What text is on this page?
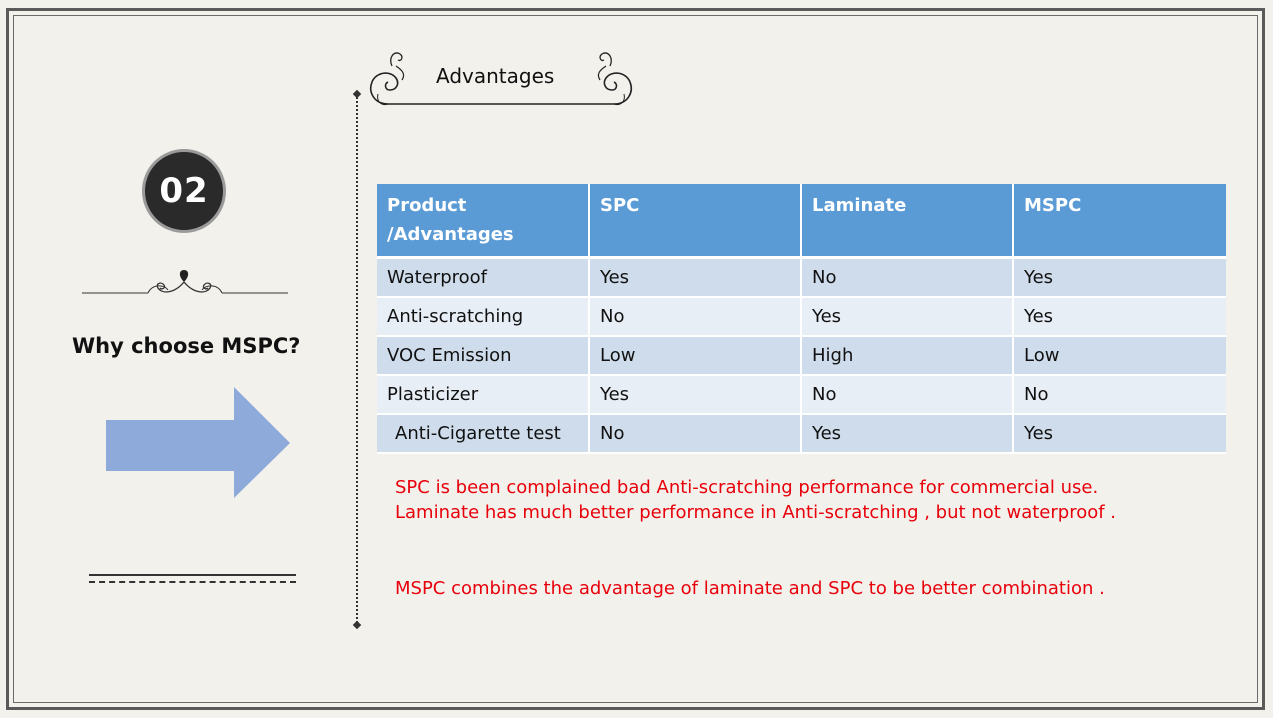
02
Why choose MSPC?
Advantages
Product
/Advantages	SPC	Laminate	MSPC
Waterproof	Yes	No	Yes
Anti-scratching	No	Yes	Yes
VOC Emission	Low	High	Low
Plasticizer	Yes	No	No
Anti-Cigarette test	No	Yes	Yes
SPC is been complained bad Anti-scratching performance for commercial use.
Laminate has much better performance in Anti-scratching , but not waterproof .
MSPC combines the advantage of laminate and SPC to be better combination .
